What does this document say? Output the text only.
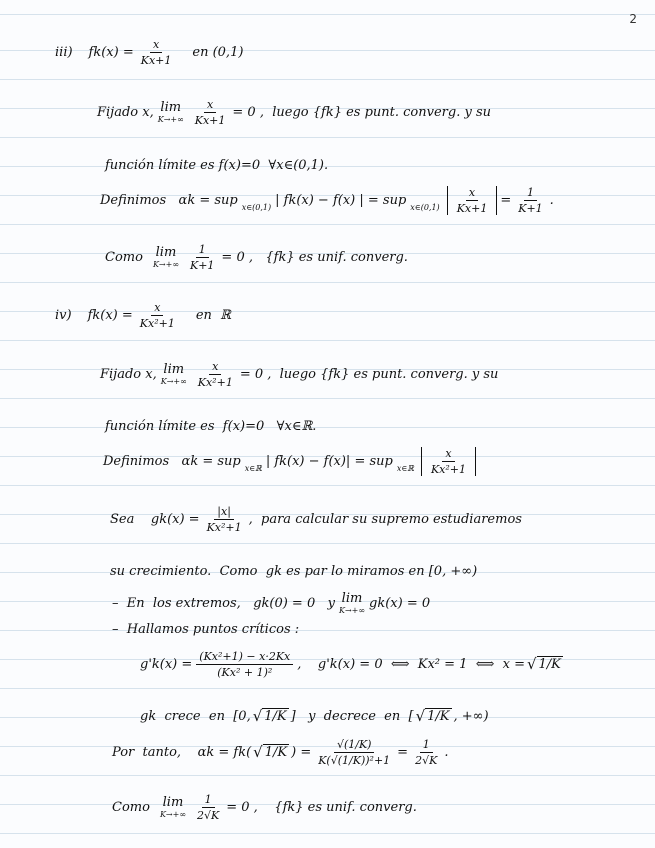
2
iii) $fk(x) = \frac{x}{Kx+1}$ en (0,1)
Fijado x, lim
$K\to+\infty \frac{x}{Kx+1} = 0$ ,  luego {fk} es punt. converg. y su
función límite es f(x)=0  ∀x∈(0,1).
Definimos   αk = sup x∈(0,1) | fk(x) − f(x) | = sup x∈(0,1) $\frac{x}{Kx+1} = \frac{1}{K+1}$ .
Como lim
$K\to+\infty \frac{1}{K+1} = 0$ ,   {fk} es unif. converg.
iv) $fk(x) = \frac{x}{\text{Kx²+1}}$ en  ℝ
Fijado x, lim
$K\to+\infty \frac{x}{\text{Kx²+1}} = 0$ ,  luego {fk} es punt. converg. y su
función límite es  f(x)=0   ∀x∈ℝ.
Definimos   αk = sup x∈ℝ | fk(x) − f(x)| = sup x∈ℝ $\frac{x}{\text{Kx²+1}}$
Sea    $gk(x) = \frac{|x|}{\text{Kx²+1}}$ ,  para calcular su supremo estudiaremos
su crecimiento.  Como  gk es par lo miramos en [0, +∞)
–  En  los extremos,   gk(0) = 0   y lim
K→+∞ gk(x) = 0
–  Hallamos puntos críticos :
$g'k(x) = \frac{\text{(Kx²+1) − x·2Kx}}{\text{(Kx² + 1)²}}$ ,    g'k(x) = 0  ⟺  Kx² = 1  ⟺  x = √ 1/K
gk  crece  en  [0, √ 1/K ]   y  decrece  en  [ √ 1/K , +∞)
Por  tanto,    αk = fk( √ 1/K ) = $\frac{√(1/K)}{\text{K(√(1/K))²+1}} = \frac{1}{2√K}$ .
Como lim
$K\to+\infty \frac{1}{2√K} = 0$ ,    {fk} es unif. converg.
